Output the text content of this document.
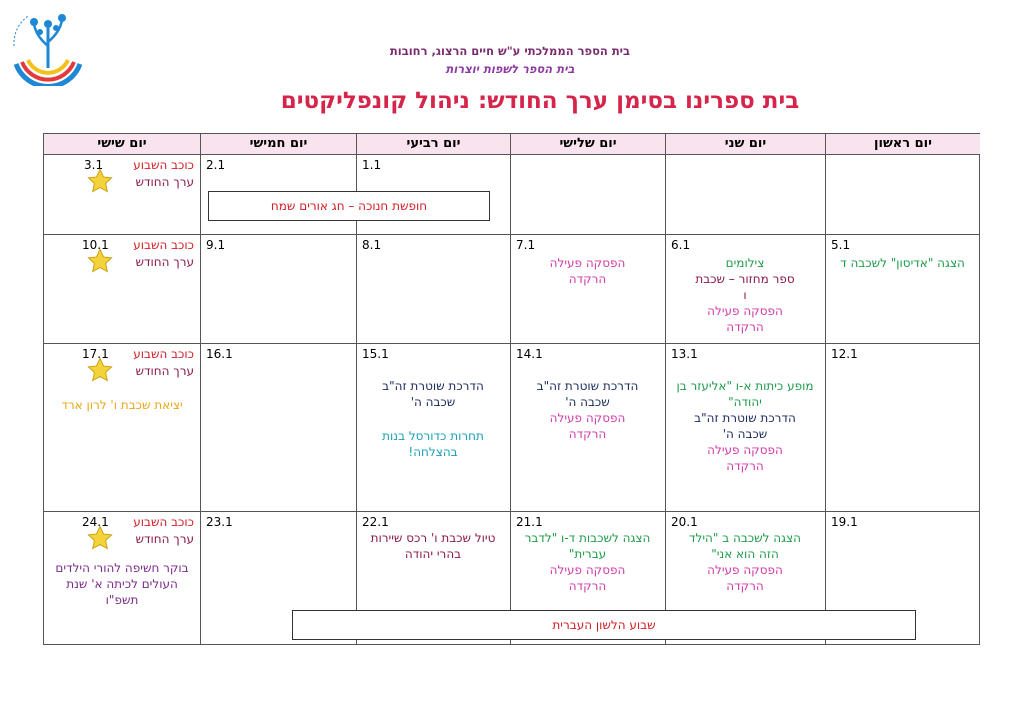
בית הספר הממלכתי ע"ש חיים הרצוג, רחובות
בית הספר לשפות יוצרות
בית ספרינו בסימן ערך החודש: ניהול קונפליקטים
יום ראשון
יום שני
יום שלישי
יום רביעי
יום חמישי
יום שישי
1.1
2.1
3.1	כוכב השבוע
ערך החודש
חופשת חנוכה – חג אורים שמח
5.1
הצגה "אדיסון" לשכבה ד
6.1
צילומים
ספר מחזור – שכבת ו
הפסקה פעילה
הרקדה
7.1
הפסקה פעילה
הרקדה
8.1
9.1
10.1 כוכב השבוע
ערך החודש
12.1
13.1
מופע כיתות א-ו "אליעזר בן יהודה"
הדרכת שוטרת זה"ב שכבה ה'
הפסקה פעילה
הרקדה
14.1
הדרכת שוטרת זה"ב שכבה ה'
הפסקה פעילה
הרקדה
15.1
הדרכת שוטרת זה"ב שכבה ה'
תחרות כדורסל בנות בהצלחה!
16.1
17.1 כוכב השבוע
ערך החודש
יציאת שכבת ו' לרון ארד
19.1
20.1
הצגה לשכבה ב "הילד הזה הוא אני"
הפסקה פעילה
הרקדה
21.1
הצגה לשכבות ד-ו "לדבר עברית"
הפסקה פעילה
הרקדה
22.1
טיול שכבת ו' רכס שיירות בהרי יהודה
23.1
24.1 כוכב השבוע
ערך החודש
בוקר חשיפה להורי הילדים העולים לכיתה א' שנת תשפ"ו
שבוע הלשון העברית
